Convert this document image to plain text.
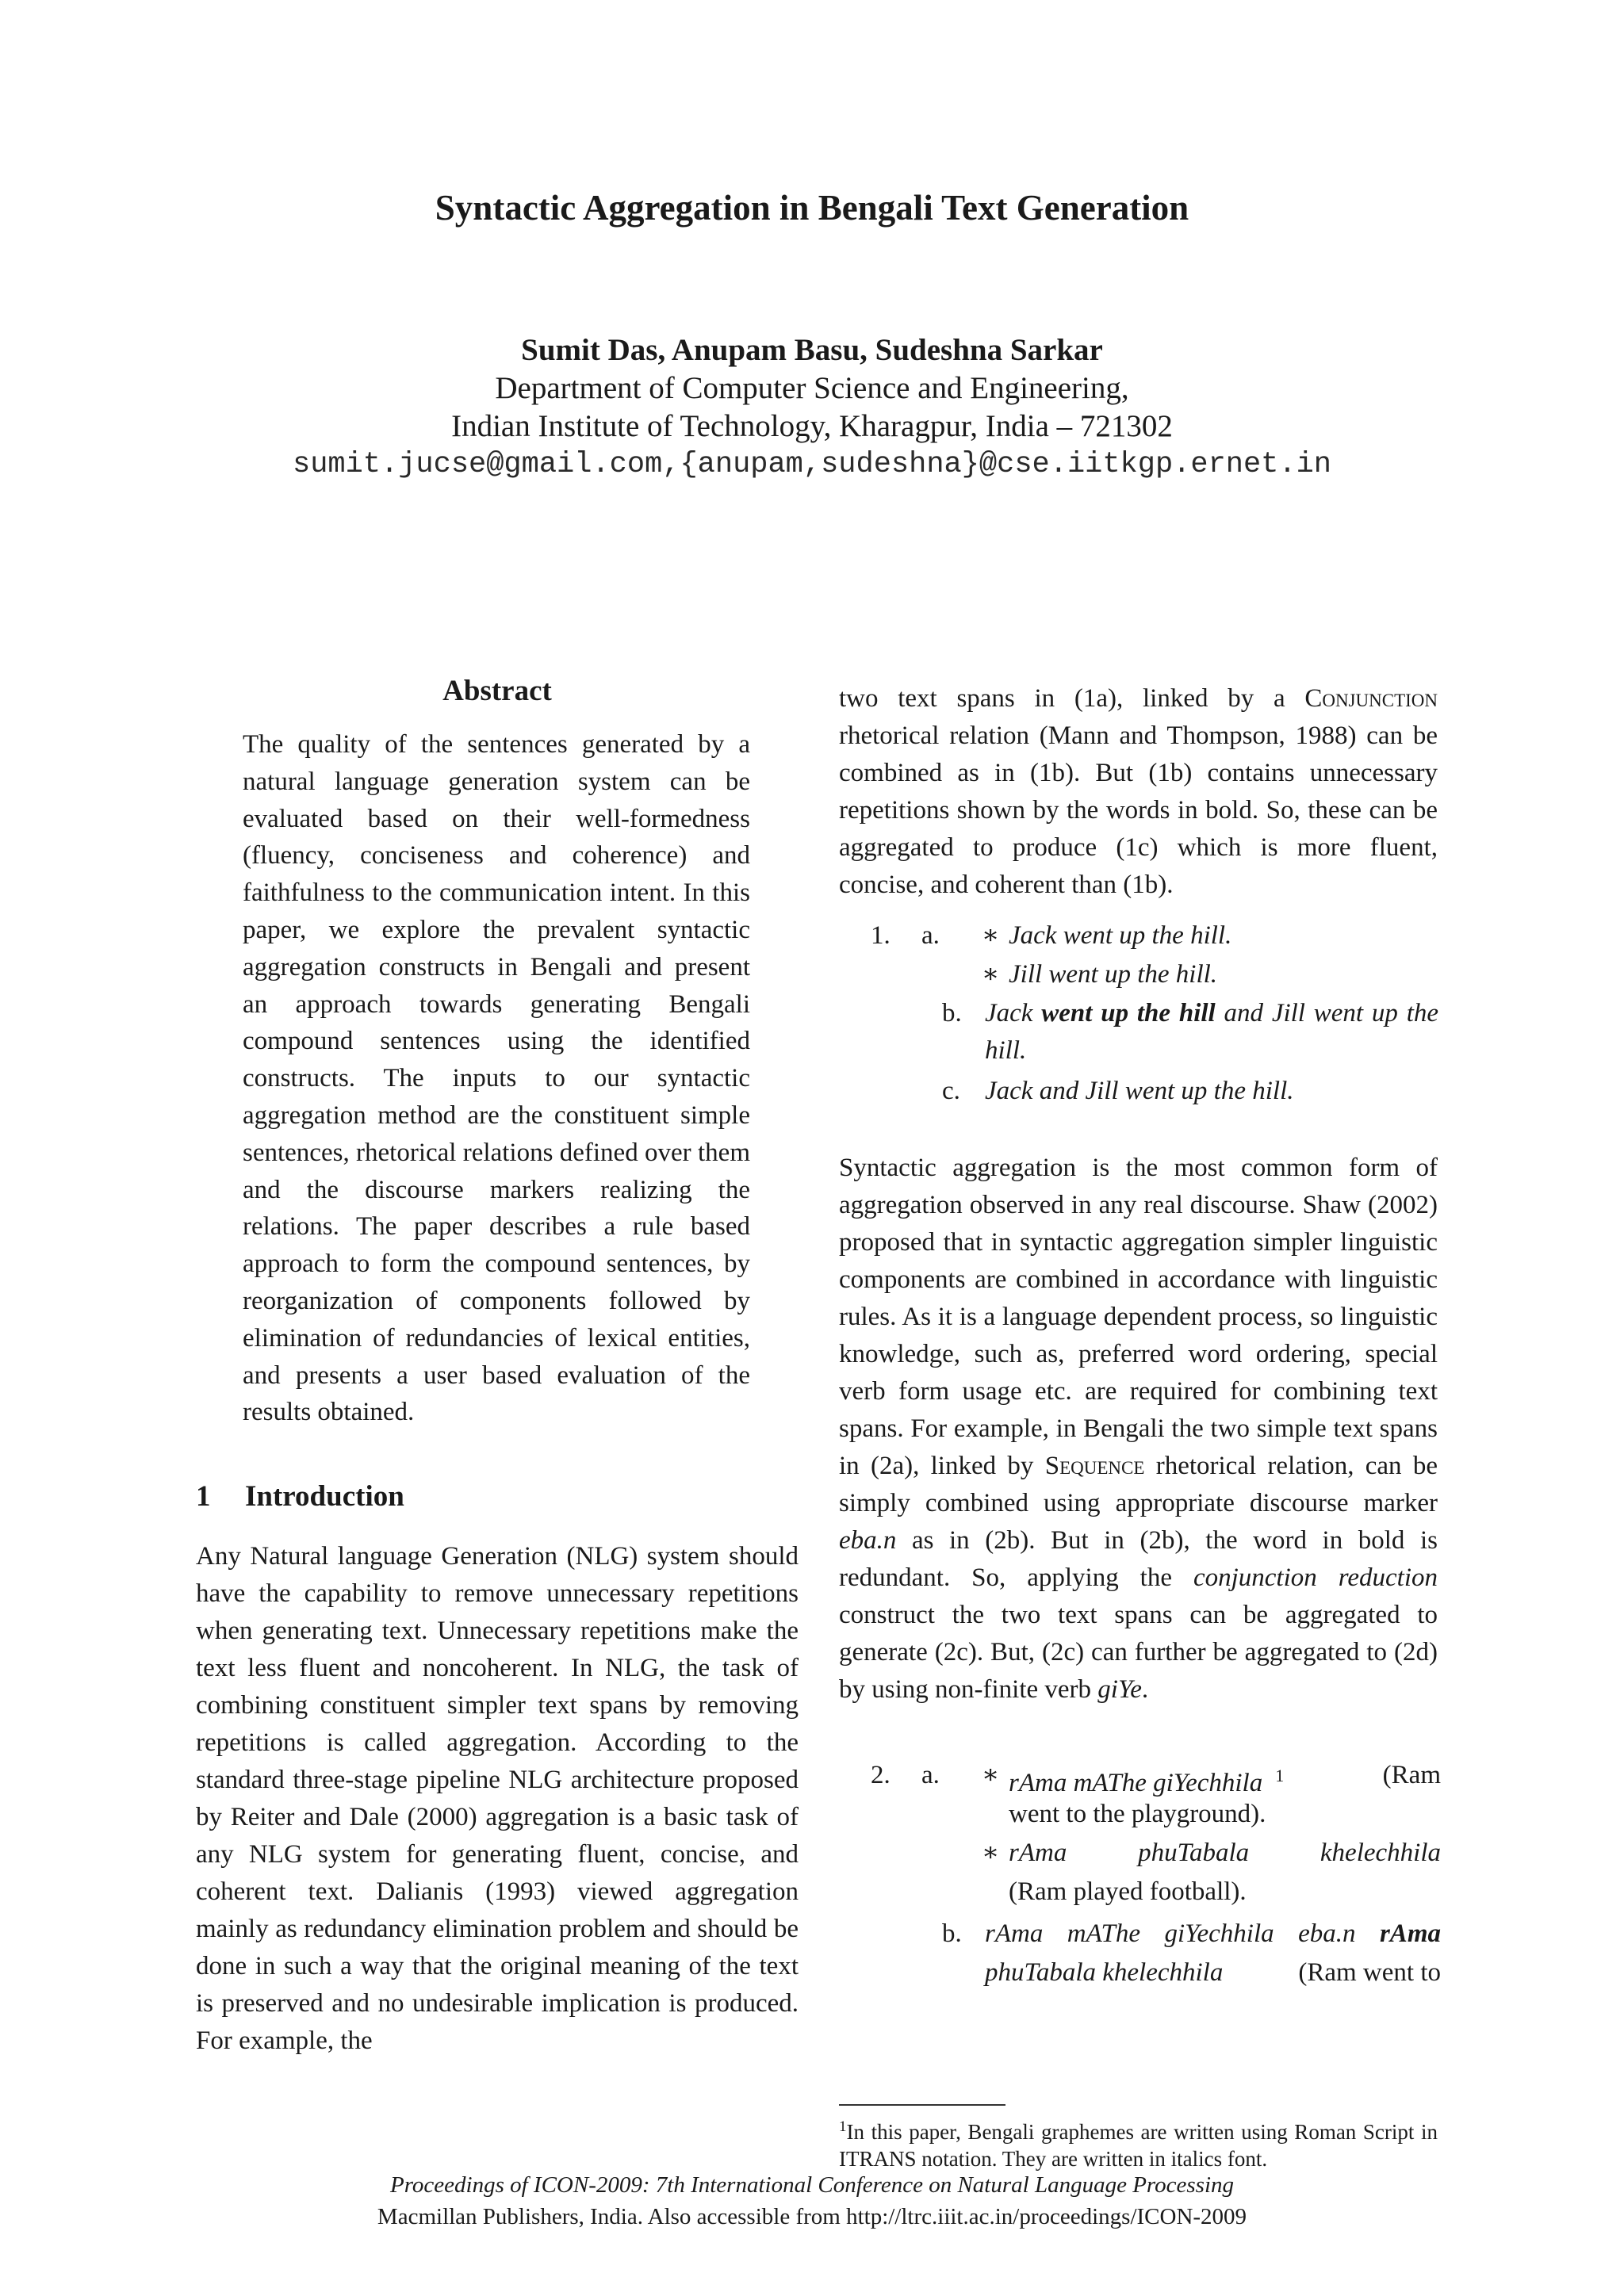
Syntactic Aggregation in Bengali Text Generation
Sumit Das, Anupam Basu, Sudeshna Sarkar
Department of Computer Science and Engineering,
Indian Institute of Technology, Kharagpur, India – 721302
sumit.jucse@gmail.com,{anupam,sudeshna}@cse.iitkgp.ernet.in
Abstract
The quality of the sentences generated by a natural language generation system can be evaluated based on their well-formedness (fluency, conciseness and coherence) and faithfulness to the communication intent. In this paper, we explore the prevalent syntactic aggregation constructs in Bengali and present an approach towards generating Bengali compound sentences using the identified constructs. The inputs to our syntactic aggregation method are the constituent simple sentences, rhetorical relations defined over them and the discourse markers realizing the relations. The paper describes a rule based approach to form the compound sentences, by reorganization of components followed by elimination of redundancies of lexical entities, and presents a user based evaluation of the results obtained.
1 Introduction
Any Natural language Generation (NLG) system should have the capability to remove unnecessary repetitions when generating text. Unnecessary repetitions make the text less fluent and noncoherent. In NLG, the task of combining constituent simpler text spans by removing repetitions is called aggregation. According to the standard three-stage pipeline NLG architecture proposed by Reiter and Dale (2000) aggregation is a basic task of any NLG system for generating fluent, concise, and coherent text. Dalianis (1993) viewed aggregation mainly as redundancy elimination problem and should be done in such a way that the original meaning of the text is preserved and no undesirable implication is produced. For example, the
two text spans in (1a), linked by a Conjunction rhetorical relation (Mann and Thompson, 1988) can be combined as in (1b). But (1b) contains unnecessary repetitions shown by the words in bold. So, these can be aggregated to produce (1c) which is more fluent, concise, and coherent than (1b).
1. a. ∗ Jack went up the hill.
∗ Jill went up the hill.
b. Jack went up the hill and Jill went up the hill.
c. Jack and Jill went up the hill.
Syntactic aggregation is the most common form of aggregation observed in any real discourse. Shaw (2002) proposed that in syntactic aggregation simpler linguistic components are combined in accordance with linguistic rules. As it is a language dependent process, so linguistic knowledge, such as, preferred word ordering, special verb form usage etc. are required for combining text spans. For example, in Bengali the two simple text spans in (2a), linked by Sequence rhetorical relation, can be simply combined using appropriate discourse marker eba.n as in (2b). But in (2b), the word in bold is redundant. So, applying the conjunction reduction construct the two text spans can be aggregated to generate (2c). But, (2c) can further be aggregated to (2d) by using non-finite verb giYe.
2. a. ∗ rAma mAThe giYechhila $^1$	(Ram
went to the playground).
∗ rAma phuTabala khelechhila
(Ram played football).
b. rAma mAThe giYechhila eba.n rAma
phuTabala khelechhila	(Ram went to
$^1$In this paper, Bengali graphemes are written using Roman Script in ITRANS notation. They are written in italics font.
Proceedings of ICON-2009: 7th International Conference on Natural Language Processing
Macmillan Publishers, India. Also accessible from http://ltrc.iiit.ac.in/proceedings/ICON-2009
